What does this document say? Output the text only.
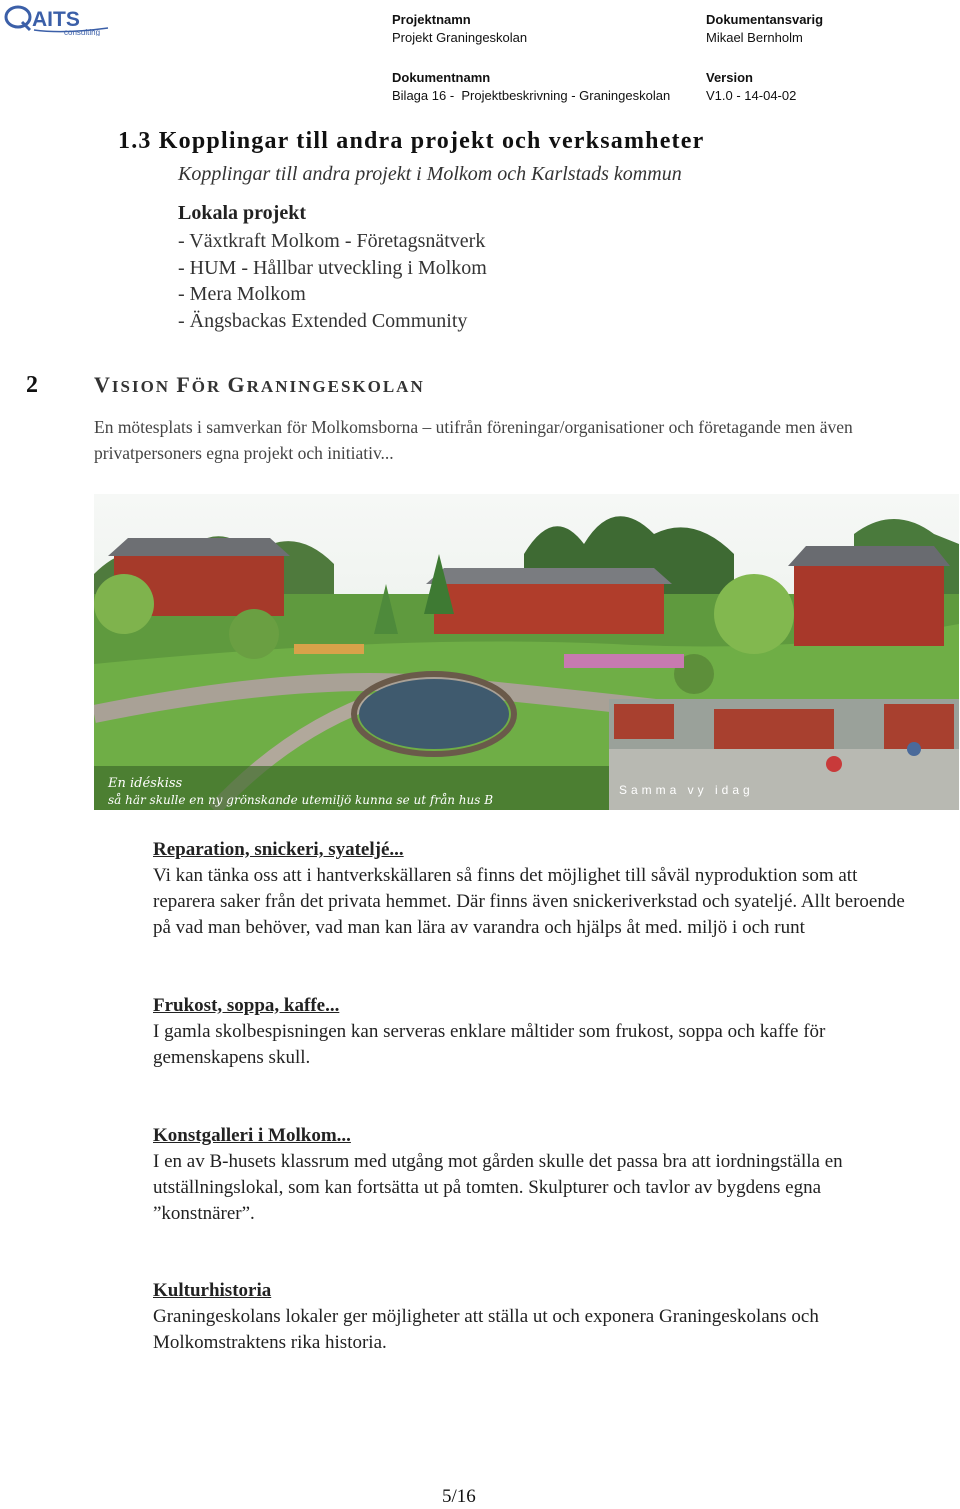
AITS
consulting
Projektnamn
Projekt Graningeskolan
Dokumentansvarig
Mikael Bernholm
Dokumentnamn
Bilaga 16 -  Projektbeskrivning - Graningeskolan
Version
V1.0 - 14-04-02
1.3 Kopplingar till andra projekt och verksamheter
Kopplingar till andra projekt i Molkom och Karlstads kommun
Lokala projekt
- Växtkraft Molkom - Företagsnätverk
- HUM - Hållbar utveckling i Molkom
- Mera Molkom
- Ängsbackas Extended Community
2	VISION FÖR GRANINGESKOLAN
En mötesplats i samverkan för Molkomsborna – utifrån föreningar/organisationer och företagande men även privatpersoners egna projekt och initiativ...
En idéskiss
så här skulle en ny grönskande utemiljö kunna se ut från hus B
Samma vy idag
Reparation, snickeri, syateljé...
Vi kan tänka oss att i hantverkskällaren så finns det möjlighet till såväl nyproduktion som att reparera saker från det privata hemmet. Där finns även snickeriverkstad och syateljé. Allt beroende på vad man behöver, vad man kan lära av varandra och hjälps åt med. miljö i och runt
Frukost, soppa, kaffe...
I gamla skolbespisningen kan serveras enklare måltider som frukost, soppa och kaffe för
gemenskapens skull.
Konstgalleri i Molkom...
I en av B-husets klassrum med utgång mot gården skulle det passa bra att iordningställa en utställningslokal, som kan fortsätta ut på tomten. Skulpturer och tavlor av bygdens egna
”konstnärer”.
Kulturhistoria
Graningeskolans lokaler ger möjligheter att ställa ut och exponera Graningeskolans och Molkomstraktens rika historia.
5/16
